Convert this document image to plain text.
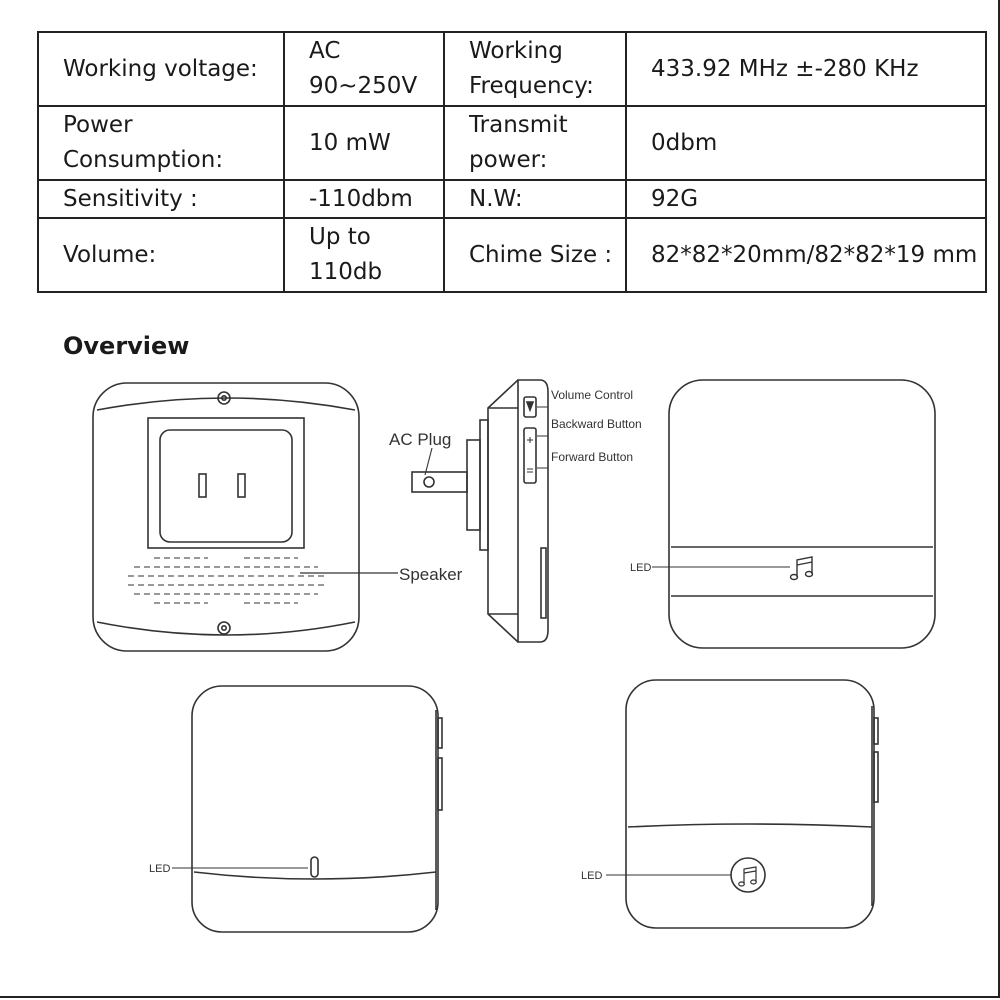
Working voltage:	AC 90~250V	Working Frequency:	433.92 MHz ±-280 KHz
Power Consumption:	10 mW	Transmit power:	0dbm
Sensitivity :	-110dbm	N.W:	92G
Volume:	Up to 110db	Chime Size :	82*82*20mm/82*82*19 mm
Overview
AC Plug
Speaker
Volume Control
Backward Button
Forward Button
LED
LED
LED
